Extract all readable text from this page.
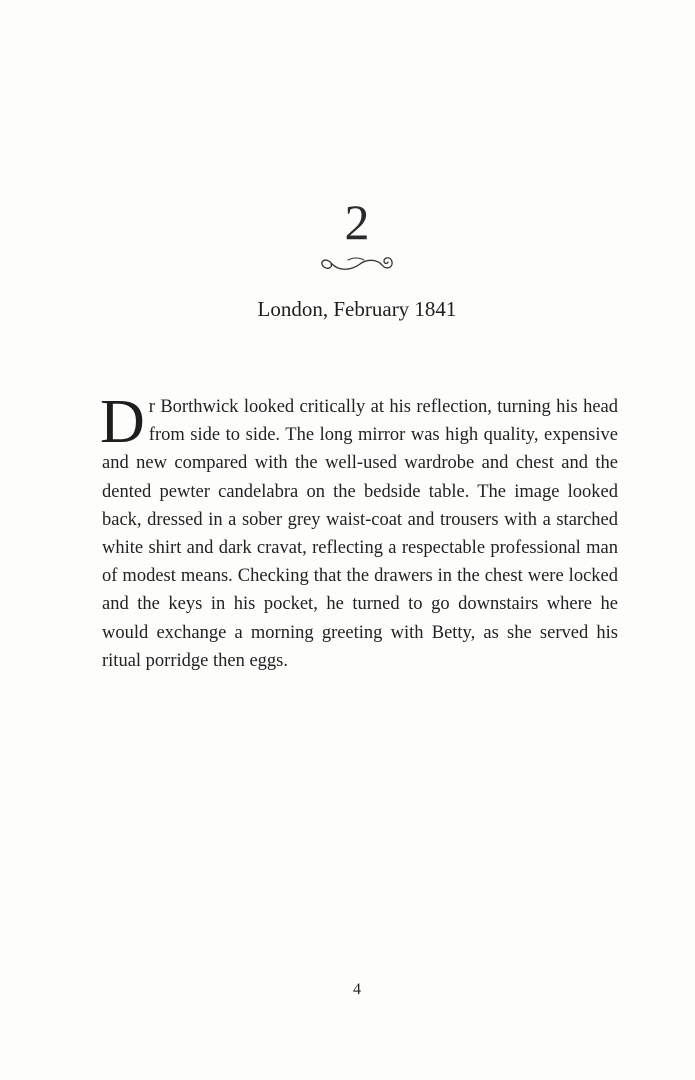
2
London, February 1841

Dr Borthwick looked critically at his reflection, turning his head from side to side. The long mirror was high quality, expensive and new compared with the well-used wardrobe and chest and the dented pewter candelabra on the bedside table. The image looked back, dressed in a sober grey waist-coat and trousers with a starched white shirt and dark cravat, reflecting a respectable professional man of modest means. Checking that the drawers in the chest were locked and the keys in his pocket, he turned to go downstairs where he would exchange a morning greeting with Betty, as she served his ritual porridge then eggs.

4
